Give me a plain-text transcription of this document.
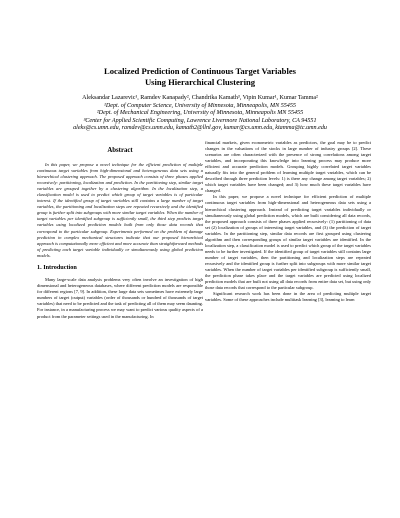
Localized Prediction of Continuous Target Variables
Using Hierarchical Clustering
Aleksandar Lazarevic¹, Ramdev Kanapady², Chandrika Kamath³, Vipin Kumar¹, Kumar Tamma²
¹Dept. of Computer Science, University of Minnesota, Minneapolis, MN 55455
²Dept. of Mechanical Engineering, University of Minnesota, Minneapolis MN 55455
³Center for Applied Scientific Computing, Lawrence Livermore National Laboratory, CA 94551
aleks@cs.umn.edu, ramdev@cs.umn.edu, kamath2@llnl.gov, kumar@cs.umn.edu, ktamma@tc.umn.edu
Abstract

In this paper, we propose a novel technique for the efficient prediction of multiple continuous target variables from high-dimensional and heterogeneous data sets using a hierarchical clustering approach. The proposed approach consists of three phases applied recursively: partitioning, localization and prediction. In the partitioning step, similar target variables are grouped together by a clustering algorithm. In the localization step, a classification model is used to predict which group of target variables is of particular interest. If the identified group of target variables still contains a large number of target variables, the partitioning and localization steps are repeated recursively and the identified group is further split into subgroups with more similar target variables. When the number of target variables per identified subgroup is sufficiently small, the third step predicts target variables using localized prediction models built from only those data records that correspond to the particular subgroup. Experiments performed on the problem of damage prediction in complex mechanical structures indicate that our proposed hierarchical approach is computationally more efficient and more accurate than straightforward methods of predicting each target variable individually or simultaneously using global prediction models.

1. Introduction

Many large-scale data analysis problems very often involve an investigation of high dimensional and heterogeneous databases, where different prediction models are responsible for different regions [7, 9]. In addition, these large data sets sometimes have extremely large numbers of target (output) variables (order of thousands or hundred of thousands of target variables) that need to be predicted and the task of predicting all of them may seem daunting. For instance, in a manufacturing process we may want to predict various quality aspects of a product from the parameter settings used in the manufacturing. In

financial markets, given econometric variables as predictors, the goal may be to predict changes in the valuations of the stocks in large number of industry groups [2]. These scenarios are often characterized with the presence of strong correlations among target variables, and incorporating this knowledge into learning process may produce more efficient and accurate prediction models. Grouping highly correlated target variables naturally fits into the general problem of learning multiple target variables, which can be described through three prediction levels: 1) is there any change among target variables; 2) which target variables have been changed; and 3) how much these target variables have changed.

In this paper, we propose a novel technique for efficient prediction of multiple continuous target variables from high-dimensional and heterogeneous data sets using a hierarchical clustering approach. Instead of predicting target variables individually or simultaneously using global prediction models, which are built considering all data records, the proposed approach consists of three phases applied recursively: (1) partitioning of data set (2) localization of groups of interesting target variables, and (3) the prediction of target variables. In the partitioning step, similar data records are first grouped using clustering algorithm and then corresponding groups of similar target variables are identified. In the localization step, a classification model is used to predict which group of the target variables needs to be further investigated. If the identified group of target variables still contains large number of target variables, then the partitioning and localization steps are repeated recursively and the identified group is further split into subgroups with more similar target variables. When the number of target variables per identified subgroup is sufficiently small, the prediction phase takes place and the target variables are predicted using localized prediction models that are built not using all data records from entire data set, but using only those data records that correspond to the particular subgroup.

Significant research work has been done in the area of predicting multiple target variables. Some of these approaches include multitask learning [3], learning to learn
